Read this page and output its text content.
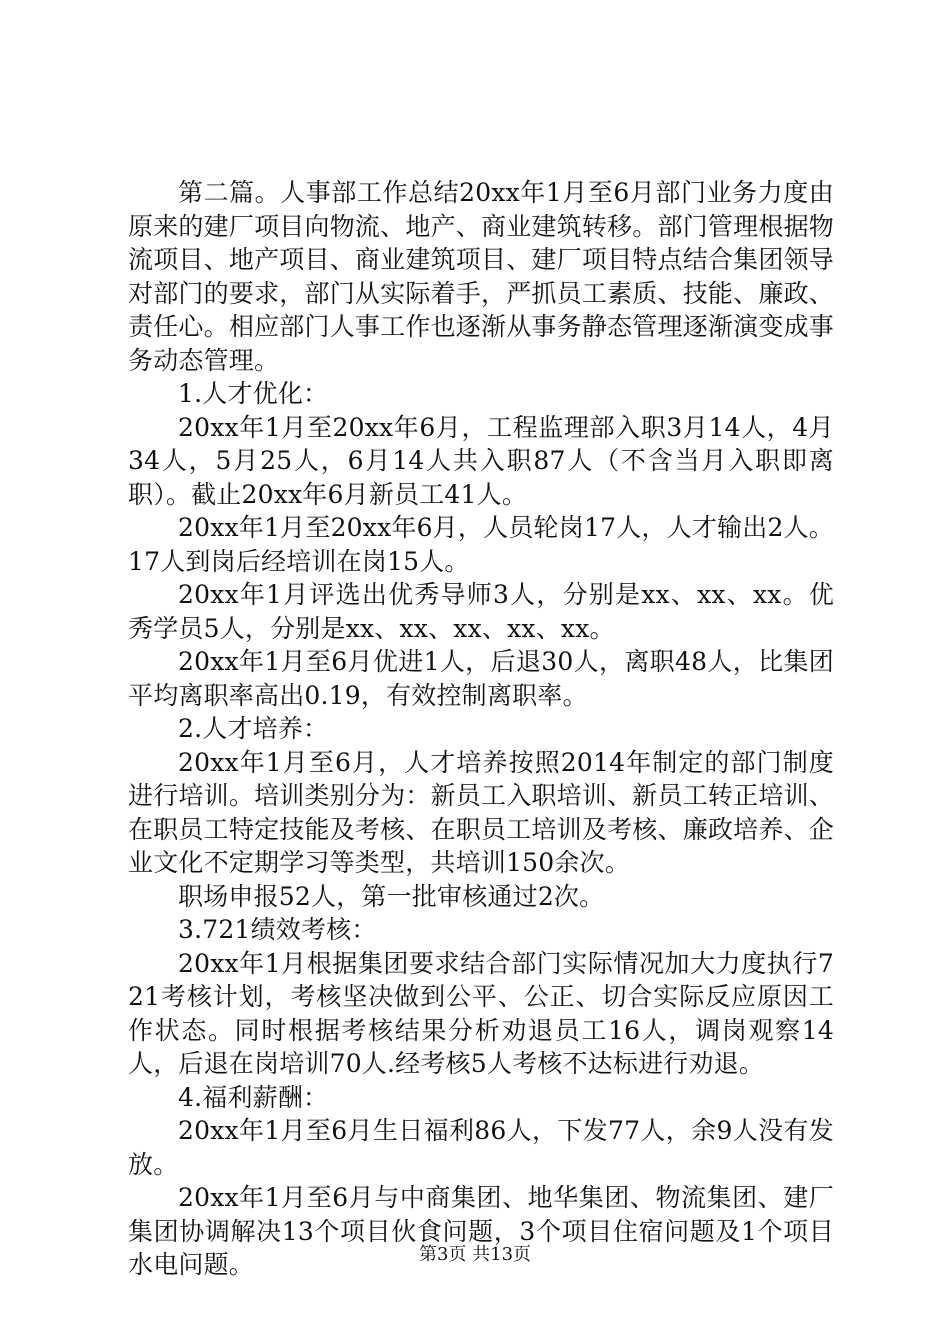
第二篇。人事部工作总结20xx年1月至6月部门业务力度由原来的建厂项目向物流、地产、商业建筑转移。部门管理根据物流项目、地产项目、商业建筑项目、建厂项目特点结合集团领导对部门的要求，部门从实际着手，严抓员工素质、技能、廉政、责任心。相应部门人事工作也逐渐从事务静态管理逐渐演变成事务动态管理。

1.人才优化：

20xx年1月至20xx年6月，工程监理部入职3月14人，4月34人，5月25人，6月14人共入职87人（不含当月入职即离职）。截止20xx年6月新员工41人。

20xx年1月至20xx年6月，人员轮岗17人，人才输出2人。17人到岗后经培训在岗15人。

20xx年1月评选出优秀导师3人，分别是xx、xx、xx。优秀学员5人，分别是xx、xx、xx、xx、xx。

20xx年1月至6月优进1人，后退30人，离职48人，比集团平均离职率高出0.19，有效控制离职率。

2.人才培养：

20xx年1月至6月，人才培养按照2014年制定的部门制度进行培训。培训类别分为：新员工入职培训、新员工转正培训、在职员工特定技能及考核、在职员工培训及考核、廉政培养、企业文化不定期学习等类型，共培训150余次。

职场申报52人，第一批审核通过2次。

3.721绩效考核：

20xx年1月根据集团要求结合部门实际情况加大力度执行721考核计划，考核坚决做到公平、公正、切合实际反应原因工作状态。同时根据考核结果分析劝退员工16人，调岗观察14人，后退在岗培训70人.经考核5人考核不达标进行劝退。

4.福利薪酬：

20xx年1月至6月生日福利86人，下发77人，余9人没有发放。

20xx年1月至6月与中商集团、地华集团、物流集团、建厂集团协调解决13个项目伙食问题，3个项目住宿问题及1个项目水电问题。	第3页 共13页
